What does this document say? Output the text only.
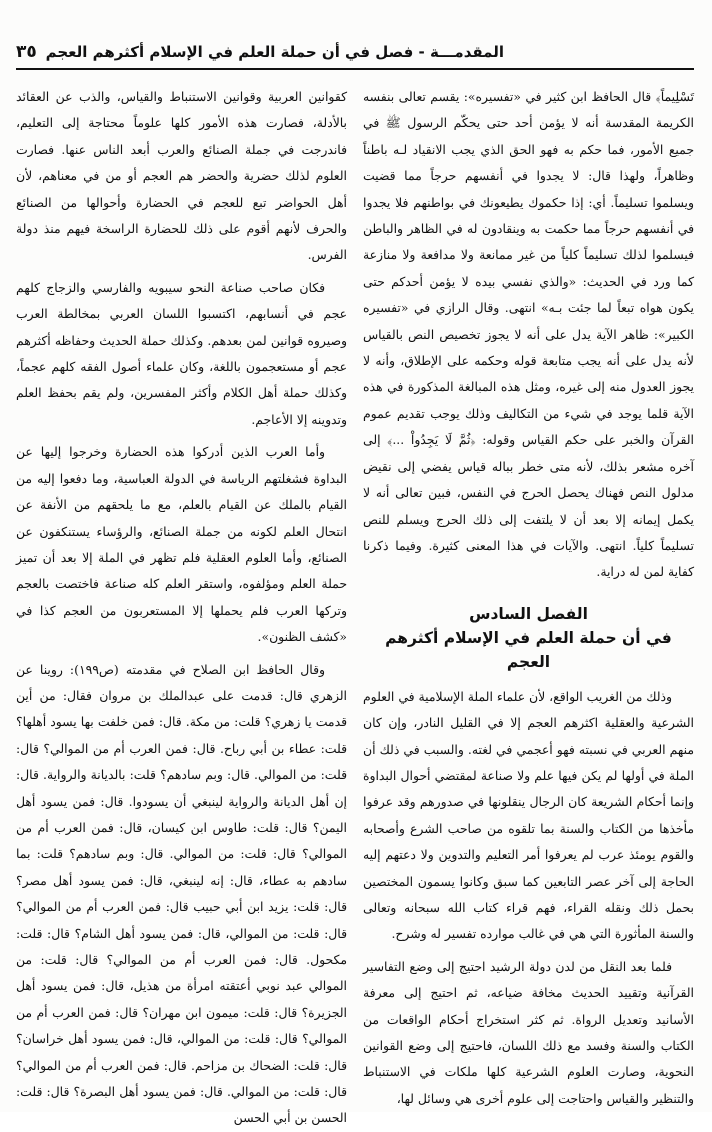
المقدمـــة - فصل في أن حملة العلم في الإسلام أكثرهم العجم
٣٥

تَسْلِيماً﴾ قال الحافظ ابن كثير في «تفسيره»: يقسم تعالى بنفسه الكريمة المقدسة أنه لا يؤمن أحد حتى يحكّم الرسول ﷺ في جميع الأمور، فما حكم به فهو الحق الذي يجب الانقياد لـه باطناً وظاهراً، ولهذا قال: لا يجدوا في أنفسهم حرجاً مما قضيت ويسلموا تسليماً. أي: إذا حكموك يطيعونك في بواطنهم فلا يجدوا في أنفسهم حرجاً مما حكمت به وينقادون له في الظاهر والباطن فيسلموا لذلك تسليماً كلياً من غير ممانعة ولا مدافعة ولا منازعة كما ورد في الحديث: «والذي نفسي بيده لا يؤمن أحدكم حتى يكون هواه تبعاً لما جئت بـه» انتهى. وقال الرازي في «تفسيره الكبير»: ظاهر الآية يدل على أنه لا يجوز تخصيص النص بالقياس لأنه يدل على أنه يجب متابعة قوله وحكمه على الإطلاق، وأنه لا يجوز العدول منه إلى غيره، ومثل هذه المبالغة المذكورة في هذه الآية قلما يوجد في شيء من التكاليف وذلك يوجب تقديم عموم القرآن والخبر على حكم القياس وقوله: ﴿ثُمَّ لَا يَجِدُواْ ...﴾ إلى آخره مشعر بذلك، لأنه متى خطر بباله قياس يفضي إلى نقيض مدلول النص فهناك يحصل الحرج في النفس، فبين تعالى أنه لا يكمل إيمانه إلا بعد أن لا يلتفت إلى ذلك الحرج ويسلم للنص تسليماً كلياً. انتهى. والآيات في هذا المعنى كثيرة. وفيما ذكرنا كفاية لمن له دراية.

الفصل السادس
في أن حملة العلم في الإسلام أكثرهم العجم

وذلك من الغريب الواقع، لأن علماء الملة الإسلامية في العلوم الشرعية والعقلية اكثرهم العجم إلا في القليل النادر، وإن كان منهم العربي في نسبته فهو أعجمي في لغته. والسبب في ذلك أن الملة في أولها لم يكن فيها علم ولا صناعة لمقتضي أحوال البداوة وإنما أحكام الشريعة كان الرجال ينقلونها في صدورهم وقد عرفوا مأخذها من الكتاب والسنة بما تلقوه من صاحب الشرع وأصحابه والقوم يومئذ عرب لم يعرفوا أمر التعليم والتدوين ولا دعتهم إليه الحاجة إلى آخر عصر التابعين كما سبق وكانوا يسمون المختصين بحمل ذلك ونقله القراء، فهم قراء كتاب الله سبحانه وتعالى والسنة المأثورة التي هي في غالب موارده تفسير له وشرح.

فلما بعد النقل من لدن دولة الرشيد احتيج إلى وضع التفاسير القرآنية وتقييد الحديث مخافة ضياعه، ثم احتيج إلى معرفة الأسانيد وتعديل الرواة. ثم كثر استخراج أحكام الواقعات من الكتاب والسنة وفسد مع ذلك اللسان، فاحتيج إلى وضع القوانين النحوية، وصارت العلوم الشرعية كلها ملكات في الاستنباط والتنظير والقياس واحتاجت إلى علوم أخرى هي وسائل لها،

كقوانين العربية وقوانين الاستنباط والقياس، والذب عن العقائد بالأدلة، فصارت هذه الأمور كلها علوماً محتاجة إلى التعليم، فاندرجت في جملة الصنائع والعرب أبعد الناس عنها. فصارت العلوم لذلك حضرية والحضر هم العجم أو من في معناهم، لأن أهل الحواضر تبع للعجم في الحضارة وأحوالها من الصنائع والحرف لأنهم أقوم على ذلك للحضارة الراسخة فيهم منذ دولة الفرس.

فكان صاحب صناعة النحو سيبويه والفارسي والزجاج كلهم عجم في أنسابهم، اكتسبوا اللسان العربي بمخالطة العرب وصيروه قوانين لمن بعدهم. وكذلك حملة الحديث وحفاظه أكثرهم عجم أو مستعجمون باللغة، وكان علماء أصول الفقه كلهم عجماً، وكذلك حملة أهل الكلام وأكثر المفسرين، ولم يقم بحفظ العلم وتدوينه إلا الأعاجم.

وأما العرب الذين أدركوا هذه الحضارة وخرجوا إليها عن البداوة فشغلتهم الرياسة في الدولة العباسية، وما دفعوا إليه من القيام بالملك عن القيام بالعلم، مع ما يلحقهم من الأنفة عن انتحال العلم لكونه من جملة الصنائع، والرؤساء يستنكفون عن الصنائع، وأما العلوم العقلية فلم تظهر في الملة إلا بعد أن تميز حملة العلم ومؤلفوه، واستقر العلم كله صناعة فاختصت بالعجم وتركها العرب فلم يحملها إلا المستعربون من العجم كذا في «كشف الظنون».

وقال الحافظ ابن الصلاح في مقدمته (ص١٩٩): روينا عن الزهري قال: قدمت على عبدالملك بن مروان فقال: من أين قدمت يا زهري؟ قلت: من مكة. قال: فمن خلفت بها يسود أهلها؟ قلت: عطاء بن أبي رباح. قال: فمن العرب أم من الموالي؟ قال: قلت: من الموالي. قال: وبم سادهم؟ قلت: بالديانة والرواية. قال: إن أهل الديانة والرواية لينبغي أن يسودوا. قال: فمن يسود أهل اليمن؟ قال: قلت: طاوس ابن كيسان، قال: فمن العرب أم من الموالي؟ قال: قلت: من الموالي. قال: وبم سادهم؟ قلت: بما سادهم به عطاء، قال: إنه لينبغي، قال: فمن يسود أهل مصر؟ قال: قلت: يزيد ابن أبي حبيب قال: فمن العرب أم من الموالي؟ قال: قلت: من الموالي، قال: فمن يسود أهل الشام؟ قال: قلت: مكحول. قال: فمن العرب أم من الموالي؟ قال: قلت: من الموالي عبد نوبي أعتقته امرأة من هذيل، قال: فمن يسود أهل الجزيرة؟ قال: قلت: ميمون ابن مهران؟ قال: فمن العرب أم من الموالي؟ قال: قلت: من الموالي، قال: فمن يسود أهل خراسان؟ قال: قلت: الضحاك بن مزاحم. قال: فمن العرب أم من الموالي؟ قال: قلت: من الموالي. قال: فمن يسود أهل البصرة؟ قال: قلت: الحسن بن أبي الحسن
